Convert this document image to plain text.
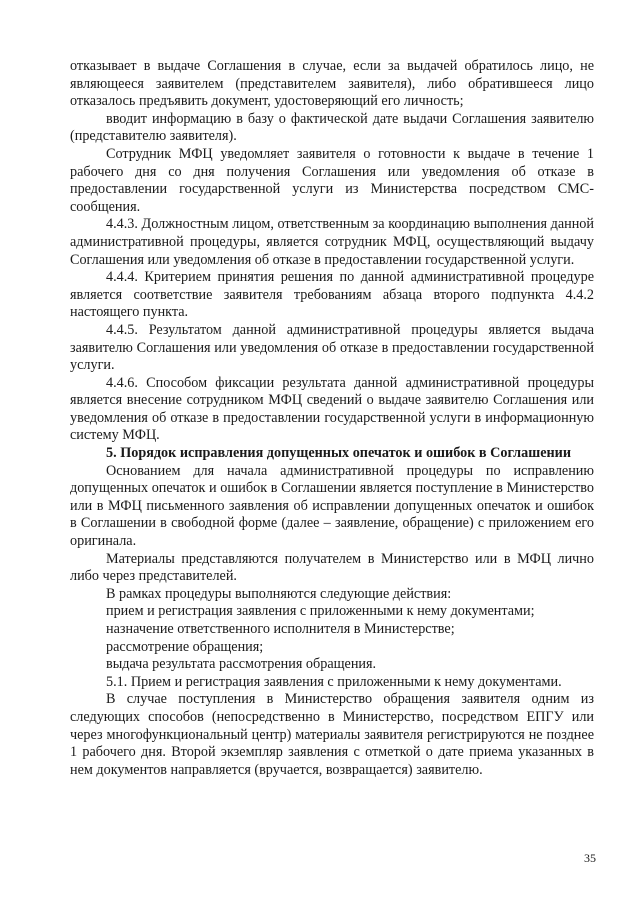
отказывает в выдаче Соглашения в случае, если за выдачей обратилось лицо, не являющееся заявителем (представителем заявителя), либо обратившееся лицо отказалось предъявить документ, удостоверяющий его личность;

вводит информацию в базу о фактической дате выдачи Соглашения заявителю (представителю заявителя).

Сотрудник МФЦ уведомляет заявителя о готовности к выдаче в течение 1 рабочего дня со дня получения Соглашения или уведомления об отказе в предоставлении государственной услуги из Министерства посредством СМС-сообщения.

4.4.3. Должностным лицом, ответственным за координацию выполнения данной административной процедуры, является сотрудник МФЦ, осуществляющий выдачу Соглашения или уведомления об отказе в предоставлении государственной услуги.

4.4.4. Критерием принятия решения по данной административной процедуре является соответствие заявителя требованиям абзаца второго подпункта 4.4.2 настоящего пункта.

4.4.5. Результатом данной административной процедуры является выдача заявителю Соглашения или уведомления об отказе в предоставлении государственной услуги.

4.4.6. Способом фиксации результата данной административной процедуры является внесение сотрудником МФЦ сведений о выдаче заявителю Соглашения или уведомления об отказе в предоставлении государственной услуги в информационную систему МФЦ.

5. Порядок исправления допущенных опечаток и ошибок в Соглашении

Основанием для начала административной процедуры по исправлению допущенных опечаток и ошибок в Соглашении является поступление в Министерство или в МФЦ письменного заявления об исправлении допущенных опечаток и ошибок в Соглашении в свободной форме (далее – заявление, обращение) с приложением его оригинала.

Материалы представляются получателем в Министерство или в МФЦ лично либо через представителей.

В рамках процедуры выполняются следующие действия:

прием и регистрация заявления с приложенными к нему документами;

назначение ответственного исполнителя в Министерстве;

рассмотрение обращения;

выдача результата рассмотрения обращения.

5.1. Прием и регистрация заявления с приложенными к нему документами.

В случае поступления в Министерство обращения заявителя одним из следующих способов (непосредственно в Министерство, посредством ЕПГУ или через многофункциональный центр) материалы заявителя регистрируются не позднее 1 рабочего дня. Второй экземпляр заявления с отметкой о дате приема указанных в нем документов направляется (вручается, возвращается) заявителю.

35
